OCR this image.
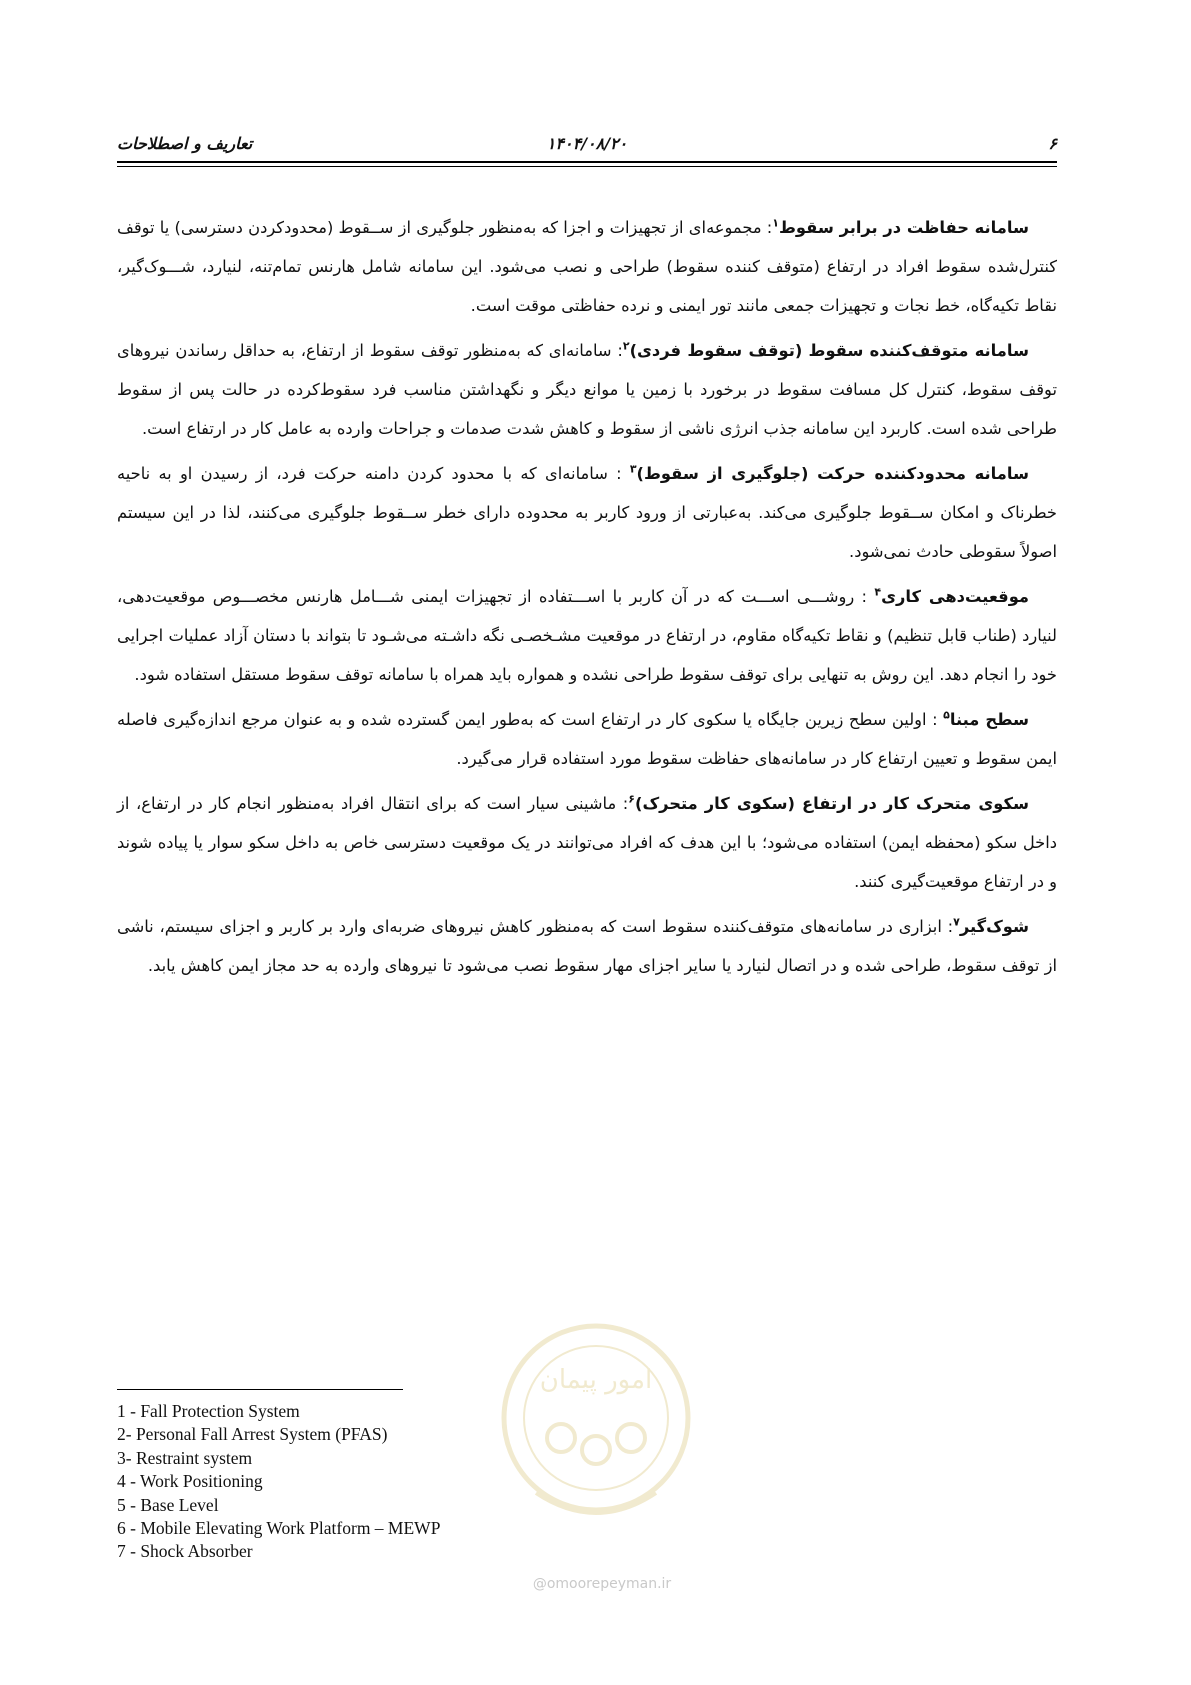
۶
۱۴۰۴/۰۸/۲۰
تعاریف و اصطلاحات

سامانه حفاظت در برابر سقوط$^۱$: مجموعه‌ای از تجهیزات و اجزا که به‌منظور جلوگیری از ســقوط (محدودکردن دسترسی) یا توقف کنترل‌شده سقوط افراد در ارتفاع (متوقف کننده سقوط) طراحی و نصب می‌شود. این سامانه شامل هارنس تمام‌تنه، لنیارد، شـــوک‌گیر، نقاط تکیه‌گاه، خط نجات و تجهیزات جمعی مانند تور ایمنی و نرده حفاظتی موقت است.

سامانه متوقف‌کننده سقوط (توقف سقوط فردی)$^۲$: سامانه‌ای که به‌منظور توقف سقوط از ارتفاع، به حداقل رساندن نیروهای توقف سقوط، کنترل کل مسافت سقوط در برخورد با زمین یا موانع دیگر و نگهداشتن مناسب فرد سقوط‌کرده در حالت پس از سقوط طراحی شده است. کاربرد این سامانه جذب انرژی ناشی از سقوط و کاهش شدت صدمات و جراحات وارده به عامل کار در ارتفاع است.

سامانه محدودکننده حرکت (جلوگیری از سقوط)$^۳$ : سامانه‌ای که با محدود کردن دامنه حرکت فرد، از رسیدن او به ناحیه خطرناک و امکان ســقوط جلوگیری می‌کند. به‌عبارتی از ورود کاربر به محدوده دارای خطر ســقوط جلوگیری می‌کنند، لذا در این سیستم اصولاً سقوطی حادث نمی‌شود.

موقعیت‌دهی کاری$^۴$ : روشـــی اســـت که در آن کاربر با اســـتفاده از تجهیزات ایمنی شـــامل هارنس مخصـــوص موقعیت‌دهی، لنیارد (طناب قابل تنظیم) و نقاط تکیه‌گاه مقاوم، در ارتفاع در موقعیت مشـخصـی نگه داشـته می‌شـود تا بتواند با دستان آزاد عملیات اجرایی خود را انجام دهد. این روش به تنهایی برای توقف سقوط طراحی نشده و همواره باید همراه با سامانه توقف سقوط مستقل استفاده شود.

سطح مبنا$^۵$ : اولین سطح زیرین جایگاه یا سکوی کار در ارتفاع است که به‌طور ایمن گسترده شده و به عنوان مرجع اندازه‌گیری فاصله ایمن سقوط و تعیین ارتفاع کار در سامانه‌های حفاظت سقوط مورد استفاده قرار می‌گیرد.

سکوی متحرک کار در ارتفاع (سکوی کار متحرک)$^۶$: ماشینی سیار است که برای انتقال افراد به‌منظور انجام کار در ارتفاع، از داخل سکو (محفظه ایمن) استفاده می‌شود؛ با این هدف که افراد می‌توانند در یک موقعیت دسترسی خاص به داخل سکو سوار یا پیاده شوند و در ارتفاع موقعیت‌گیری کنند.

شوک‌گیر$^۷$: ابزاری در سامانه‌های متوقف‌کننده سقوط است که به‌منظور کاهش نیروهای ضربه‌ای وارد بر کاربر و اجزای سیستم، ناشی از توقف سقوط، طراحی شده و در اتصال لنیارد یا سایر اجزای مهار سقوط نصب می‌شود تا نیروهای وارده به حد مجاز ایمن کاهش یابد.

امور پیمان
@omoorepeyman.ir
1 - Fall Protection System
2- Personal Fall Arrest System (PFAS)
3- Restraint system
4 - Work Positioning
5 - Base Level
6 - Mobile Elevating Work Platform – MEWP
7 - Shock Absorber
